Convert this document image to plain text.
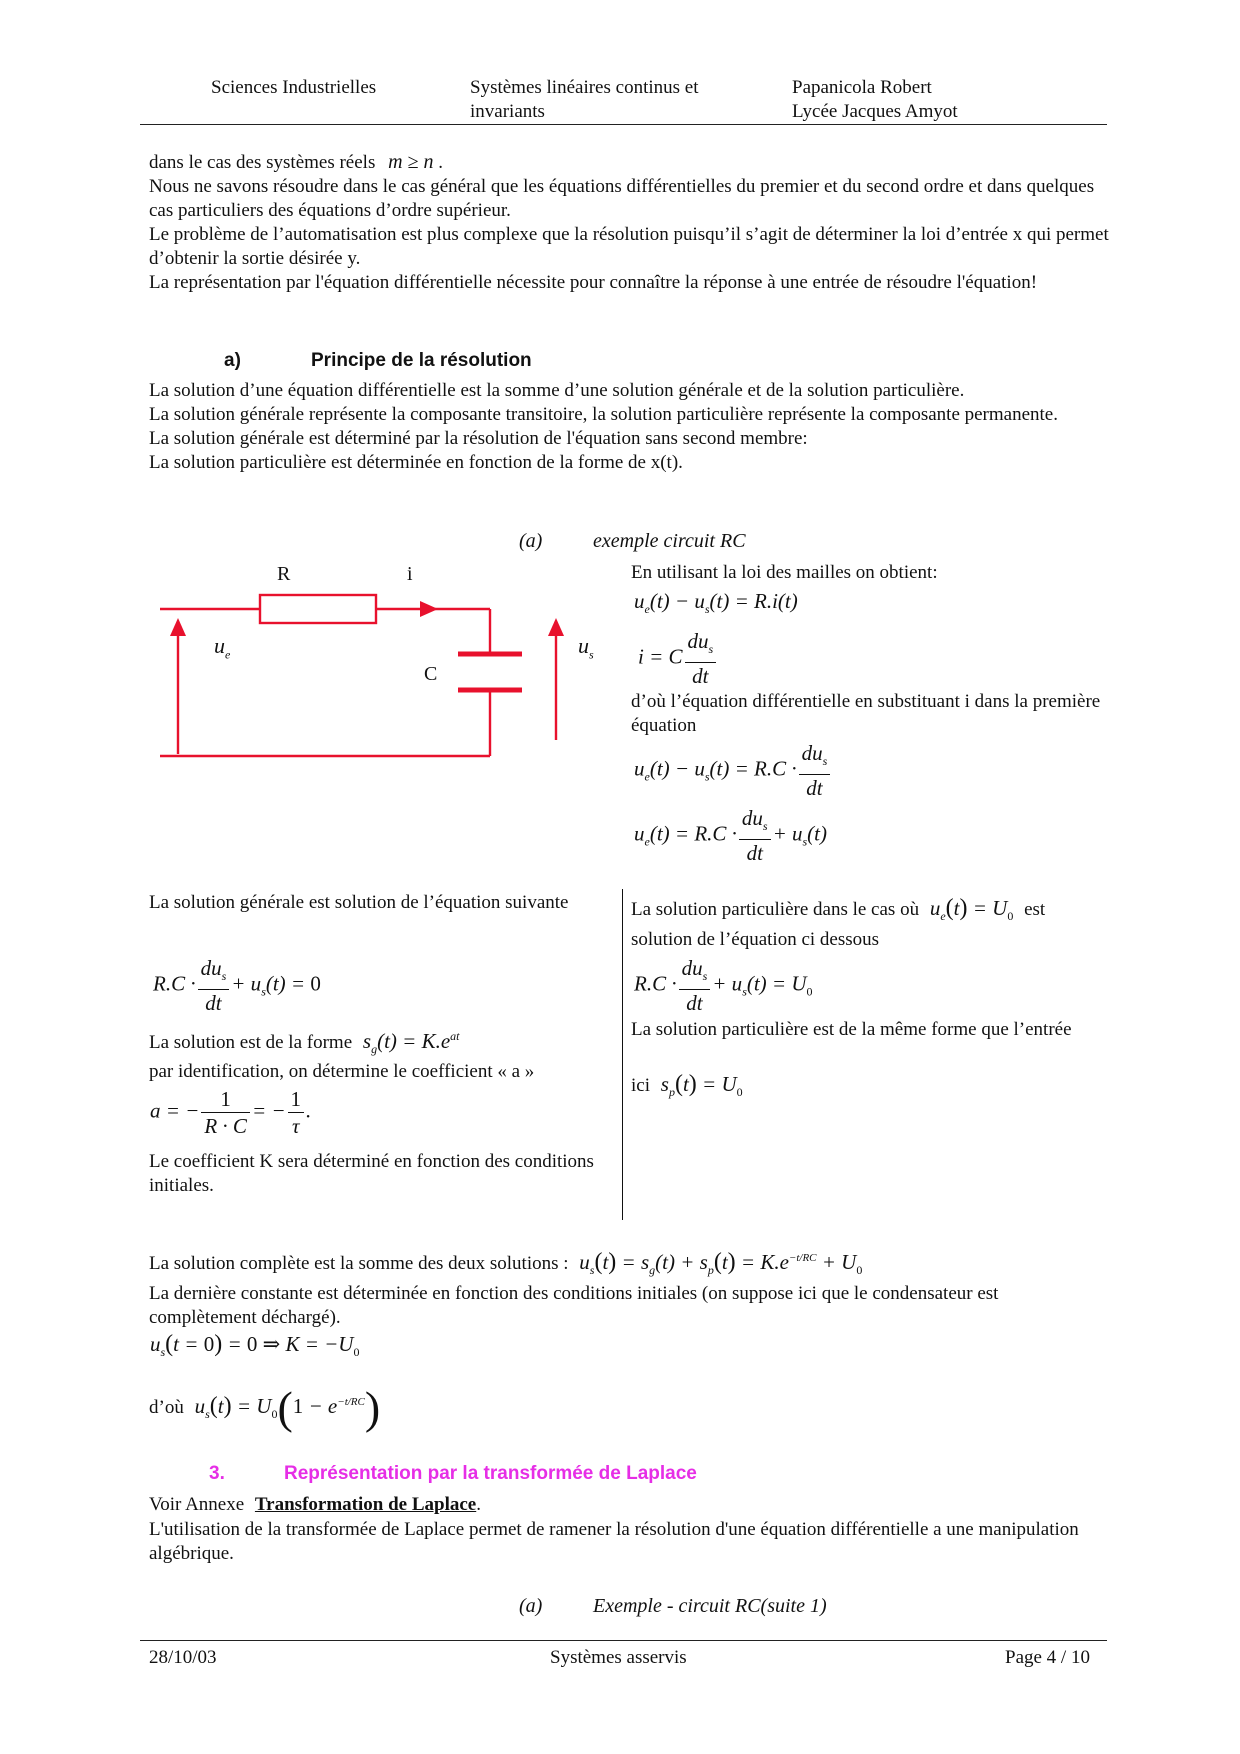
Sciences Industrielles	Systèmes linéaires continus et
invariants
Papanicola Robert
Lycée Jacques Amyot

dans le cas des systèmes réels m ≥ n .

Nous ne savons résoudre dans le cas général que les équations différentielles du premier et du second ordre et dans quelques cas particuliers des équations d’ordre supérieur.

Le problème de l’automatisation est plus complexe que la résolution puisqu’il s’agit de déterminer la loi d’entrée x qui permet d’obtenir la sortie désirée y.

La représentation par l'équation différentielle nécessite pour connaître la réponse à une entrée de résoudre l'équation!

a)	Principe de la résolution

La solution d’une équation différentielle est la somme d’une solution générale et de la solution particulière.

La solution générale représente la composante transitoire, la solution particulière représente la composante permanente.

La solution générale est déterminé par la résolution de l'équation sans second membre:

La solution particulière est déterminée en fonction de la forme de x(t).

(a)	exemple circuit RC
R	i
C
$u_e$	$u_s$
En utilisant la loi des mailles on obtient:
$u_e(t) - u_s(t) = R.i(t)$
i = C $\frac{du_s}{dt}$
d’où l’équation différentielle en substituant i dans la première équation
$u_e(t) - u_s(t) = R.C \cdot \frac{du_s}{dt}$
$u_e(t) = R.C \cdot \frac{du_s}{dt} + u_s(t)$
La solution générale est solution de l’équation suivante
$R.C \cdot \frac{du_s}{dt} + u_s(t) = 0$
La solution est de la forme $s_g(t) = K.e^{at}$
par identification, on détermine le coefficient « a »
a = − $\frac{1}{R \cdot C}$ = − $\frac{1}{\tau}$ .
Le coefficient K sera déterminé en fonction des conditions initiales.
La solution particulière dans le cas où $u_e(t) = U_0$ est
solution de l’équation ci dessous
$R.C \cdot \frac{du_s}{dt} + u_s(t) = U_0$
La solution particulière est de la même forme que l’entrée
ici $s_p(t) = U_0$
La solution complète est la somme des deux solutions : $u_s(t) = s_g(t) + s_p(t) = K.e^{-t/RC} + U_0$
La dernière constante est déterminée en fonction des conditions initiales (on suppose ici que le condensateur est complètement déchargé).
$u_s(t = 0) = 0$ ⇒ $K = -U_0$
d’où $u_s(t) = U_0(1 - e^{-t/RC})$
3.	Représentation par la transformée de Laplace
Voir Annexe Transformation de Laplace.
L'utilisation de la transformée de Laplace permet de ramener la résolution d'une équation différentielle a une manipulation algébrique.
(a)	Exemple - circuit RC(suite 1)
28/10/03	Systèmes asservis	Page 4 / 10
